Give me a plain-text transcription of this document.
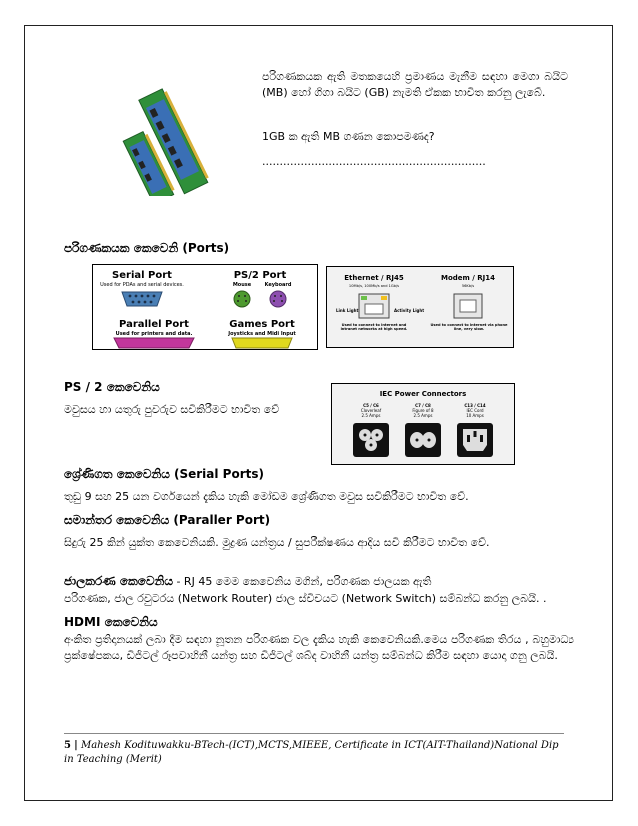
පරිගණකයක ඇති මතකයෙහි ප්‍රමාණය මැනීම සඳහා මෙගා බයිට (MB) හෝ ගිගා බයිට (GB) නැමති ඒකක භාවිත කරනු ලැබේ.
1GB ක ඇති MB ගණන කොපමණද?
................................................................
පරිගණකයක කෙවෙනි (Ports)
Serial Port
Used for PDAs and serial devices.
PS/2 Port
Mouse	Keyboard
Parallel Port
Used for printers and data.
Games Port
Joysticks and Midi Input
Ethernet / RJ45
10Mb/s, 100Mb/s and 1Gb/s
Link Light	Activity Light
Used to connect to internet and intranet networks at high speed.
Modem / RJ14
56Kb/s
Used to connect to internet via phone line, very slow.
IEC Power Connectors
C5 / C6
Cloverleaf
2.5 Amps
C7 / C8
Figure of 8
2.5 Amps
C13 / C14
IEC Cord
10 Amps
PS / 2 කෙවෙනිය
මවුසය හා යතුරු පුවරුව සවිකිරීමට භාවිත වේ
ශ්‍රේණිගත කෙවෙනිය (Serial Ports)
තුඩු 9 සහ 25 යන වර්ගයෙන් දැකිය හැකි මෝඩම ශ්‍රේණිගත මවුස සවිකිරීමට භාවිත වේ.
සමාන්තර කෙවෙනිය (Paraller Port)
සිදුරු 25 කින් යුක්ත කෙවෙනියකි. මුද්‍රණ යන්ත්‍රය / සුපරීක්ෂණය ආදිය සවි කිරීමට භාවිත වේ.
ජාලකරණ කෙවෙනිය - RJ 45 මෙම කෙවෙනිය මගින්, පරිගණක ජාලයක ඇති
පරිගණක, ජාල රවුටරය (Network Router) ජාල ස්විචයට (Network Switch) සම්බන්ධ කරනු ලබයි. .
HDMI කෙවෙනිය
අංකිත ප්‍රතිදානයක් ලබා දීම සඳහා නූතන පරිගණක වල දැකිය හැකි කෙවෙනියකි.මෙය පරිගණක තිරය , බහුමාධ්‍ය ප්‍රක්ෂේපකය, ඩිජිටල් රූපවාහිනී යන්ත්‍ර සහ ඩිජිටල් ශබ්ද වාහිනී යන්ත්‍ර සම්බන්ධ කිරීම සඳහා යොදා ගනු ලබයි.
5 | Mahesh Kodituwakku-BTech-(ICT),MCTS,MIEEE, Certificate in ICT(AIT-Thailand)National Dip in Teaching (Merit)
